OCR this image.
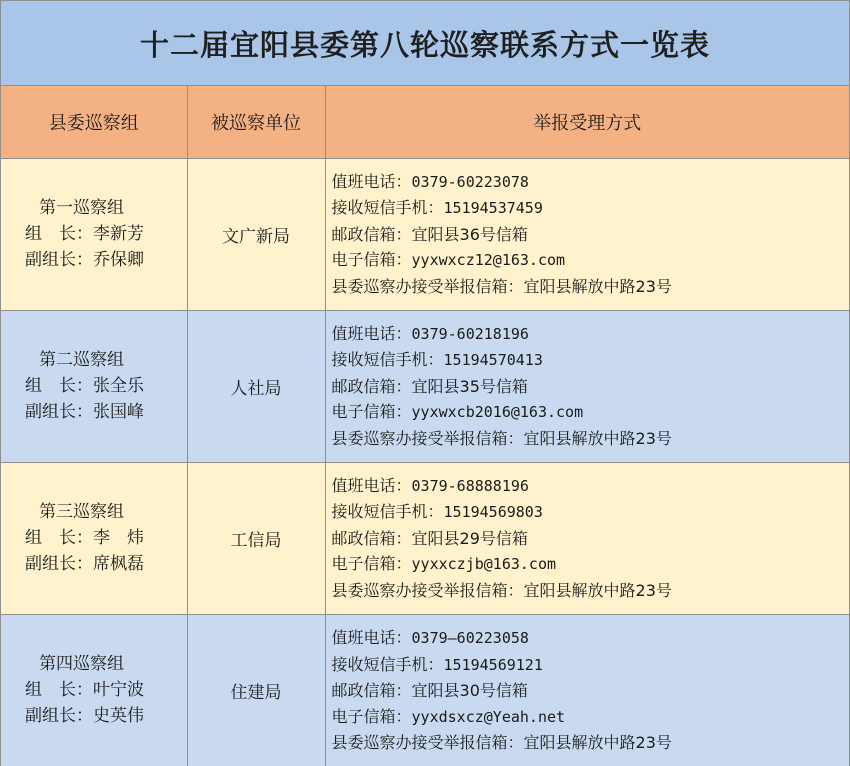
十二届宜阳县委第八轮巡察联系方式一览表
县委巡察组	被巡察单位	举报受理方式

第一巡察组
组　长：李新芳
副组长：乔保卿	文广新局	值班电话：0379-60223078
接收短信手机：15194537459
邮政信箱：宜阳县36号信箱
电子信箱：yyxwxcz12@163.com
县委巡察办接受举报信箱：宜阳县解放中路23号

第二巡察组
组　长：张全乐
副组长：张国峰	人社局	值班电话：0379-60218196
接收短信手机：15194570413
邮政信箱：宜阳县35号信箱
电子信箱：yyxwxcb2016@163.com
县委巡察办接受举报信箱：宜阳县解放中路23号

第三巡察组
组　长：李　炜
副组长：席枫磊	工信局	值班电话：0379-68888196
接收短信手机：15194569803
邮政信箱：宜阳县29号信箱
电子信箱：yyxxczjb@163.com
县委巡察办接受举报信箱：宜阳县解放中路23号

第四巡察组
组　长：叶宁波
副组长：史英伟	住建局	值班电话：0379—60223058
接收短信手机：15194569121
邮政信箱：宜阳县30号信箱
电子信箱：yyxdsxcz@Yeah.net
县委巡察办接受举报信箱：宜阳县解放中路23号
